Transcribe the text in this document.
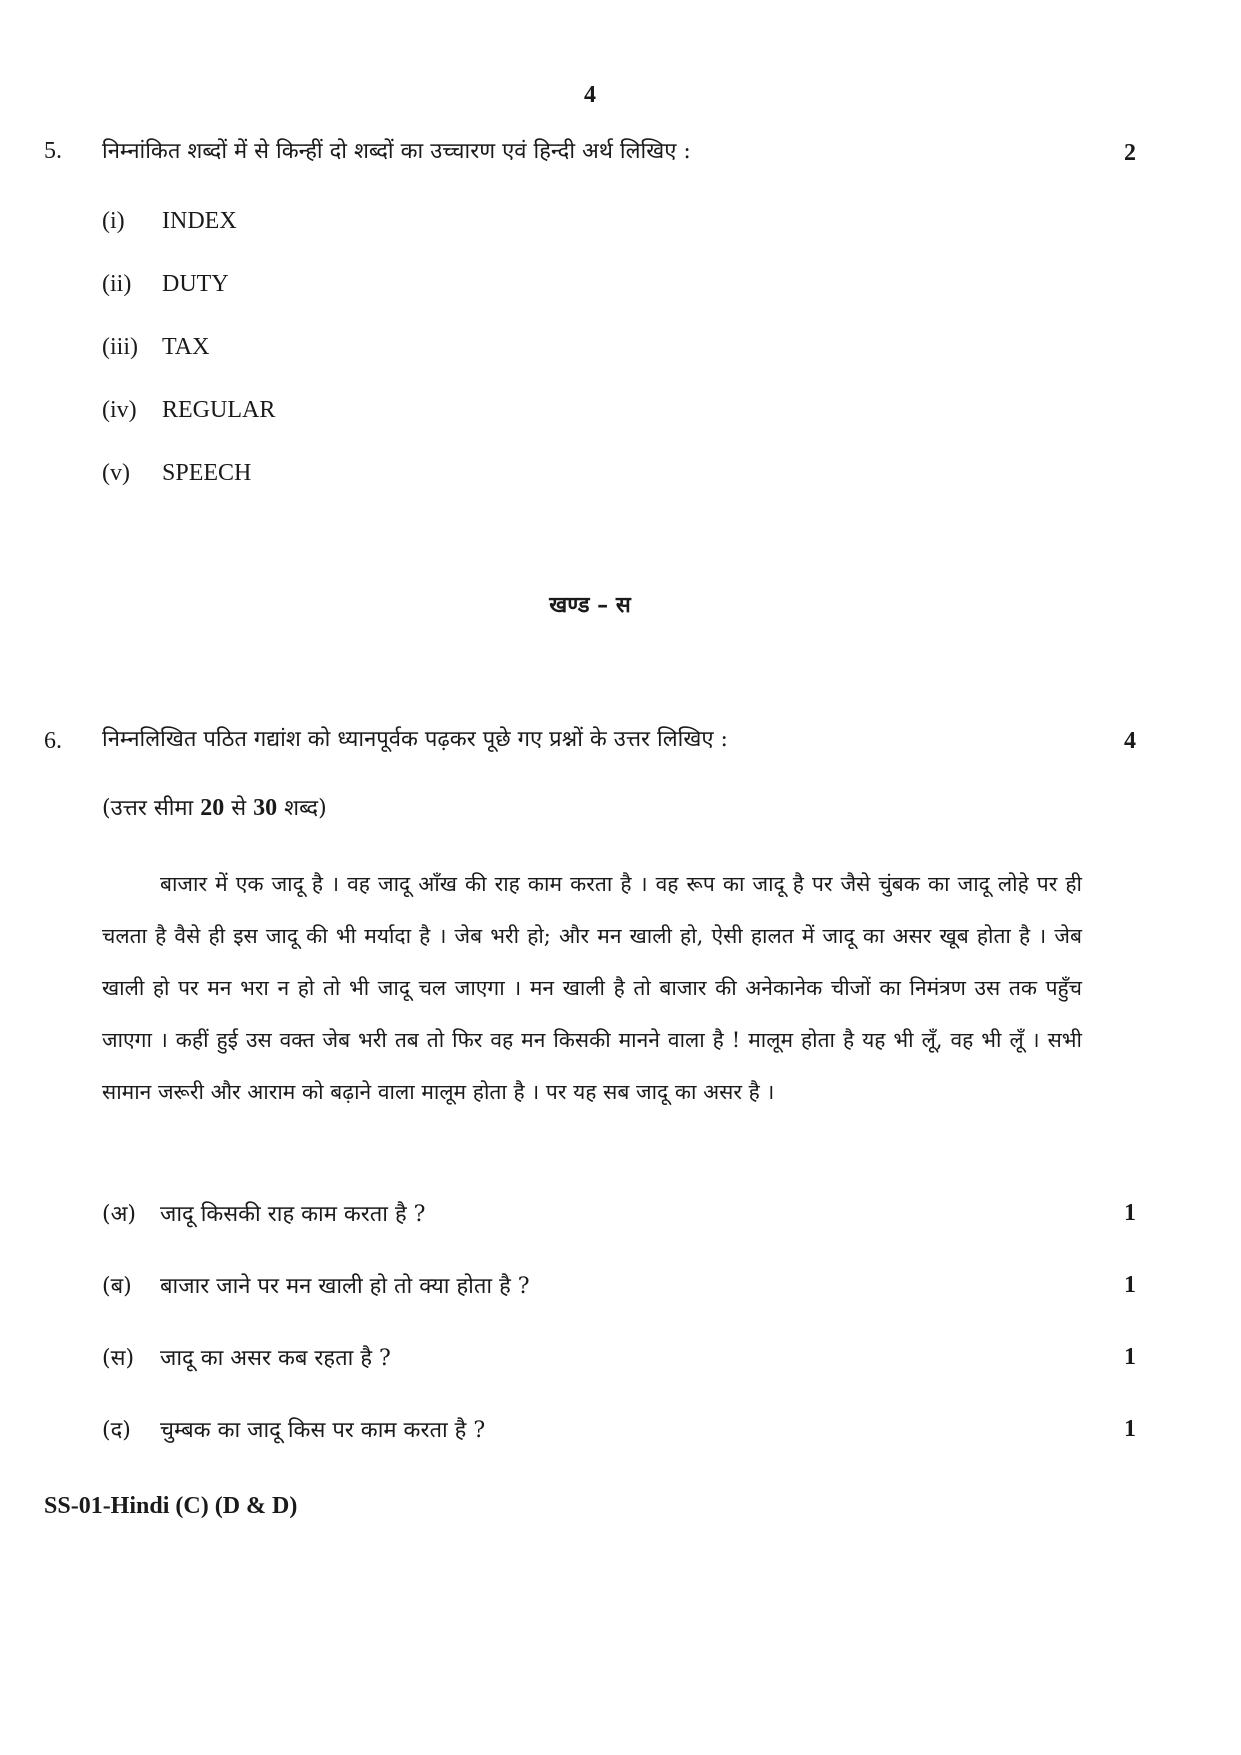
4
5. निम्नांकित शब्दों में से किन्हीं दो शब्दों का उच्चारण एवं हिन्दी अर्थ लिखिए :	2
(i) INDEX
(ii) DUTY
(iii) TAX
(iv) REGULAR
(v) SPEECH
खण्ड – स
6. निम्नलिखित पठित गद्यांश को ध्यानपूर्वक पढ़कर पूछे गए प्रश्नों के उत्तर लिखिए :	4
(उत्तर सीमा 20 से 30 शब्द)
बाजार में एक जादू है । वह जादू आँख की राह काम करता है । वह रूप का जादू है पर जैसे चुंबक का जादू लोहे पर ही चलता है वैसे ही इस जादू की भी मर्यादा है । जेब भरी हो; और मन खाली हो, ऐसी हालत में जादू का असर खूब होता है । जेब खाली हो पर मन भरा न हो तो भी जादू चल जाएगा । मन खाली है तो बाजार की अनेकानेक चीजों का निमंत्रण उस तक पहुँच जाएगा । कहीं हुई उस वक्त जेब भरी तब तो फिर वह मन किसकी मानने वाला है ! मालूम होता है यह भी लूँ, वह भी लूँ । सभी सामान जरूरी और आराम को बढ़ाने वाला मालूम होता है । पर यह सब जादू का असर है ।
(अ) जादू किसकी राह काम करता है ?	1
(ब) बाजार जाने पर मन खाली हो तो क्या होता है ?	1
(स) जादू का असर कब रहता है ?	1
(द) चुम्बक का जादू किस पर काम करता है ?	1
SS-01-Hindi (C) (D & D)
